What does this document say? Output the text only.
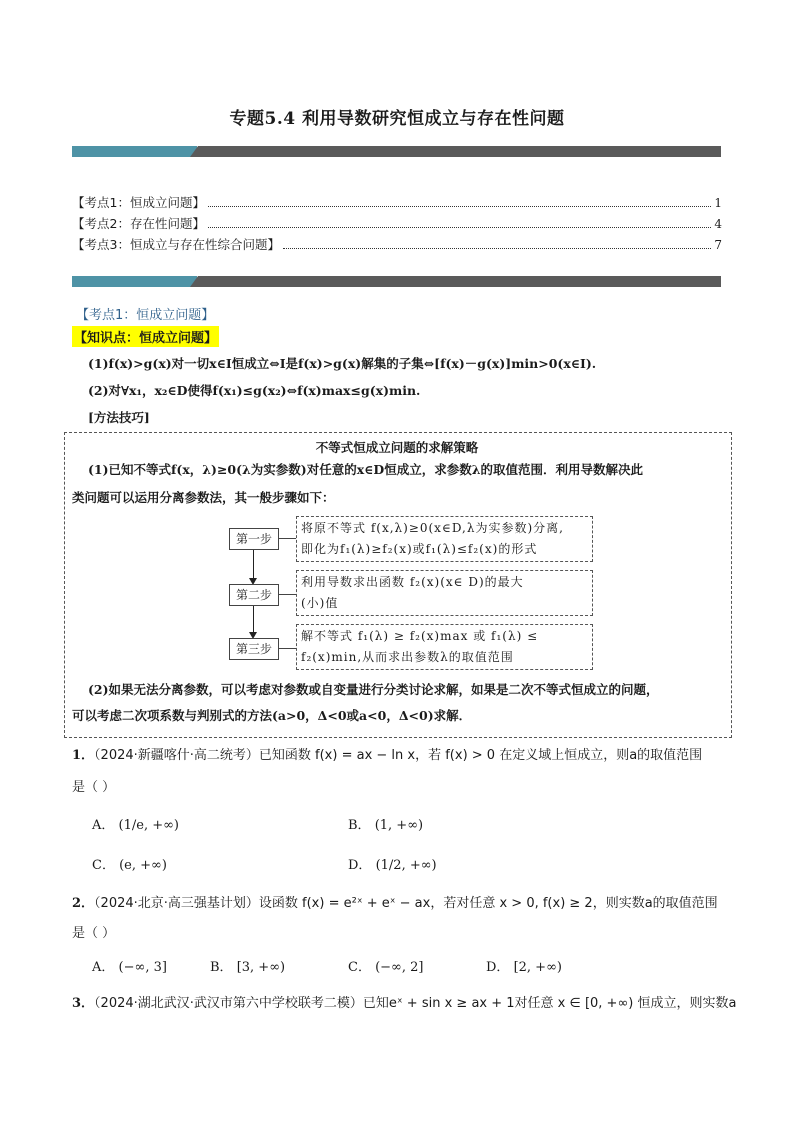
专题5.4 利用导数研究恒成立与存在性问题
【考点1：恒成立问题】	1
【考点2：存在性问题】	4
【考点3：恒成立与存在性综合问题】	7
【考点1：恒成立问题】
【知识点：恒成立问题】
(1)f(x)>g(x)对一切x∈I恒成立⇔I是f(x)>g(x)解集的子集⇔[f(x)－g(x)]min>0(x∈I).
(2)对∀x₁，x₂∈D使得f(x₁)≤g(x₂)⇔f(x)max≤g(x)min.
[方法技巧]
不等式恒成立问题的求解策略
(1)已知不等式f(x，λ)≥0(λ为实参数)对任意的x∈D恒成立，求参数λ的取值范围．利用导数解决此
类问题可以运用分离参数法，其一般步骤如下：
第一步
将原不等式 f(x,λ)≥0(x∈D,λ为实参数)分离,
即化为f₁(λ)≥f₂(x)或f₁(λ)≤f₂(x)的形式
第二步
利用导数求出函数 f₂(x)(x∈ D)的最大
(小)值
第三步
解不等式 f₁(λ) ≥ f₂(x)max 或 f₁(λ) ≤
f₂(x)min,从而求出参数λ的取值范围
(2)如果无法分离参数，可以考虑对参数或自变量进行分类讨论求解，如果是二次不等式恒成立的问题，
可以考虑二次项系数与判别式的方法(a>0，Δ<0或a<0，Δ<0)求解．
1．（2024·新疆喀什·高二统考）已知函数 f(x) = ax − ln x，若 f(x) > 0 在定义域上恒成立，则a的取值范围
是（ ）
A． (1/e, +∞)	B． (1, +∞)
C． (e, +∞)	D． (1/2, +∞)
2．（2024·北京·高三强基计划）设函数 f(x) = e²ˣ + eˣ − ax，若对任意 x > 0, f(x) ≥ 2，则实数a的取值范围
是（ ）
A． (−∞, 3]	B． [3, +∞)	C． (−∞, 2]	D． [2, +∞)
3．（2024·湖北武汉·武汉市第六中学校联考二模）已知eˣ + sin x ≥ ax + 1对任意 x ∈ [0, +∞) 恒成立，则实数a
